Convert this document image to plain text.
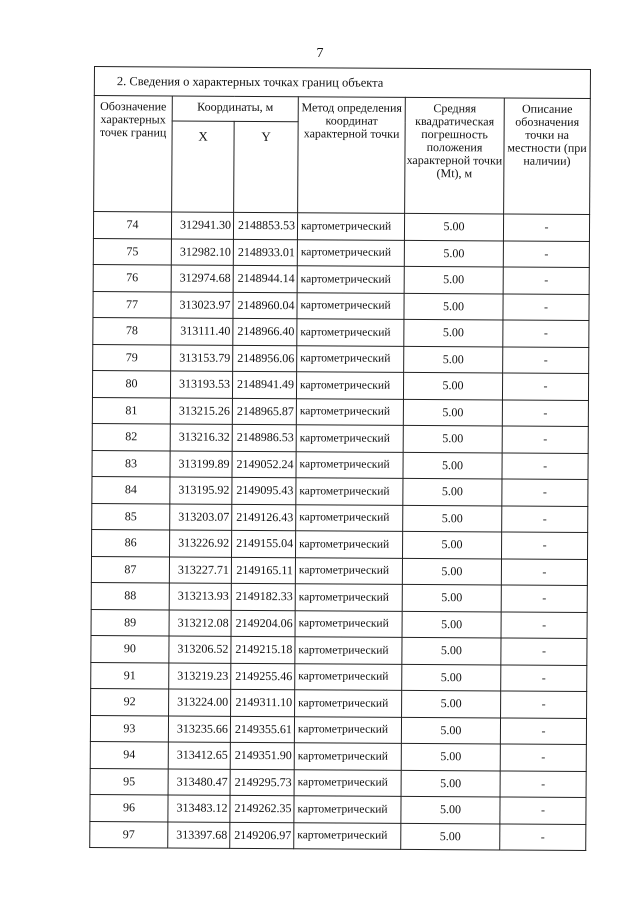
7
2. Сведения о характерных точках границ объекта					
Обозначение характерных точек границ	Координаты, м		Метод определения координат характерной точки	Средняя квадратическая погрешность положения характерной точки (Mt), м	Описание обозначения точки на местности (при наличии)
	X	Y			
74	312941.30	2148853.53	картометрический	5.00	-
75	312982.10	2148933.01	картометрический	5.00	-
76	312974.68	2148944.14	картометрический	5.00	-
77	313023.97	2148960.04	картометрический	5.00	-
78	313111.40	2148966.40	картометрический	5.00	-
79	313153.79	2148956.06	картометрический	5.00	-
80	313193.53	2148941.49	картометрический	5.00	-
81	313215.26	2148965.87	картометрический	5.00	-
82	313216.32	2148986.53	картометрический	5.00	-
83	313199.89	2149052.24	картометрический	5.00	-
84	313195.92	2149095.43	картометрический	5.00	-
85	313203.07	2149126.43	картометрический	5.00	-
86	313226.92	2149155.04	картометрический	5.00	-
87	313227.71	2149165.11	картометрический	5.00	-
88	313213.93	2149182.33	картометрический	5.00	-
89	313212.08	2149204.06	картометрический	5.00	-
90	313206.52	2149215.18	картометрический	5.00	-
91	313219.23	2149255.46	картометрический	5.00	-
92	313224.00	2149311.10	картометрический	5.00	-
93	313235.66	2149355.61	картометрический	5.00	-
94	313412.65	2149351.90	картометрический	5.00	-
95	313480.47	2149295.73	картометрический	5.00	-
96	313483.12	2149262.35	картометрический	5.00	-
97	313397.68	2149206.97	картометрический	5.00	-
